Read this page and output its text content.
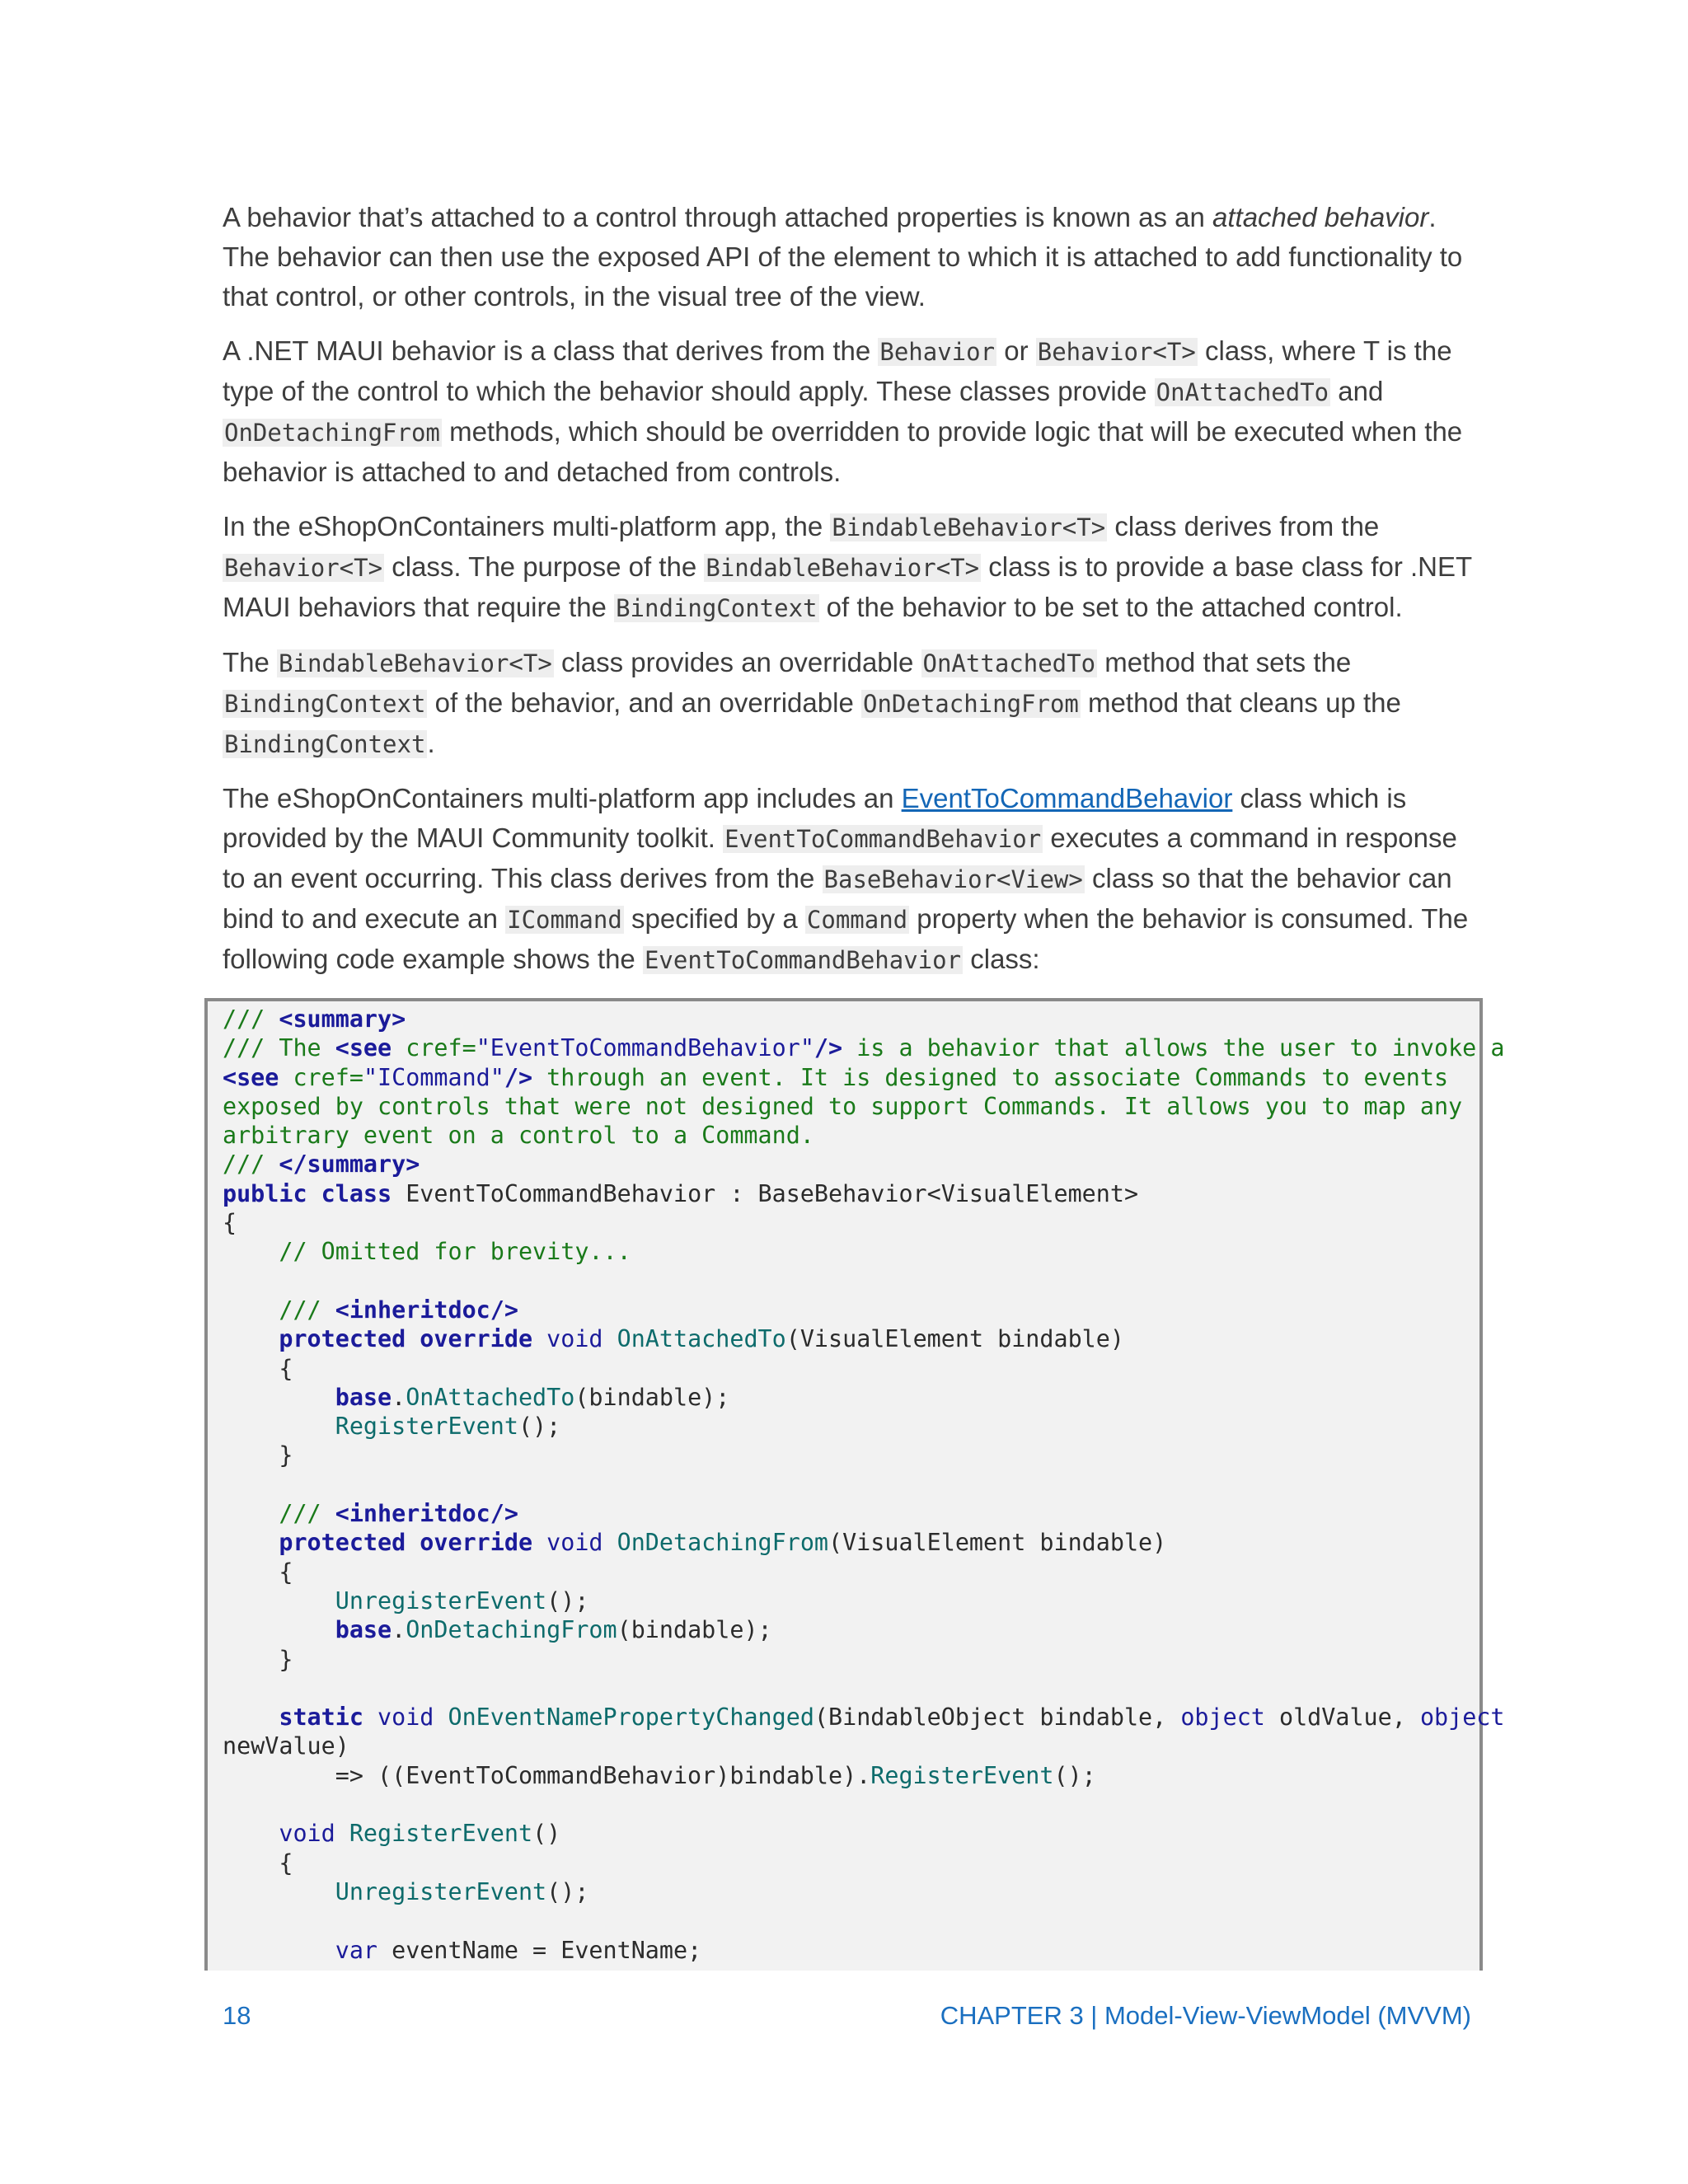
A behavior that’s attached to a control through attached properties is known as an attached behavior. The behavior can then use the exposed API of the element to which it is attached to add functionality to that control, or other controls, in the visual tree of the view.

A .NET MAUI behavior is a class that derives from the Behavior or Behavior<T> class, where T is the type of the control to which the behavior should apply. These classes provide OnAttachedTo and OnDetachingFrom methods, which should be overridden to provide logic that will be executed when the behavior is attached to and detached from controls.

In the eShopOnContainers multi-platform app, the BindableBehavior<T> class derives from the Behavior<T> class. The purpose of the BindableBehavior<T> class is to provide a base class for .NET MAUI behaviors that require the BindingContext of the behavior to be set to the attached control.

The BindableBehavior<T> class provides an overridable OnAttachedTo method that sets the BindingContext of the behavior, and an overridable OnDetachingFrom method that cleans up the BindingContext.

The eShopOnContainers multi-platform app includes an EventToCommandBehavior class which is provided by the MAUI Community toolkit. EventToCommandBehavior executes a command in response to an event occurring. This class derives from the BaseBehavior<View> class so that the behavior can bind to and execute an ICommand specified by a Command property when the behavior is consumed. The following code example shows the EventToCommandBehavior class:

/// <summary>
/// The <see cref="EventToCommandBehavior"/> is a behavior that allows the user to invoke a
<see cref="ICommand"/> through an event. It is designed to associate Commands to events
exposed by controls that were not designed to support Commands. It allows you to map any
arbitrary event on a control to a Command.
/// </summary>
public class EventToCommandBehavior : BaseBehavior<VisualElement>
{
// Omitted for brevity...

/// <inheritdoc/>
protected override void OnAttachedTo(VisualElement bindable)
{
base.OnAttachedTo(bindable);
RegisterEvent();
}

/// <inheritdoc/>
protected override void OnDetachingFrom(VisualElement bindable)
{
UnregisterEvent();
base.OnDetachingFrom(bindable);
}

static void OnEventNamePropertyChanged(BindableObject bindable, object oldValue, object
newValue)
=> ((EventToCommandBehavior)bindable).RegisterEvent();

void RegisterEvent()
{
UnregisterEvent();

var eventName = EventName;

18	CHAPTER 3 | Model-View-ViewModel (MVVM)
